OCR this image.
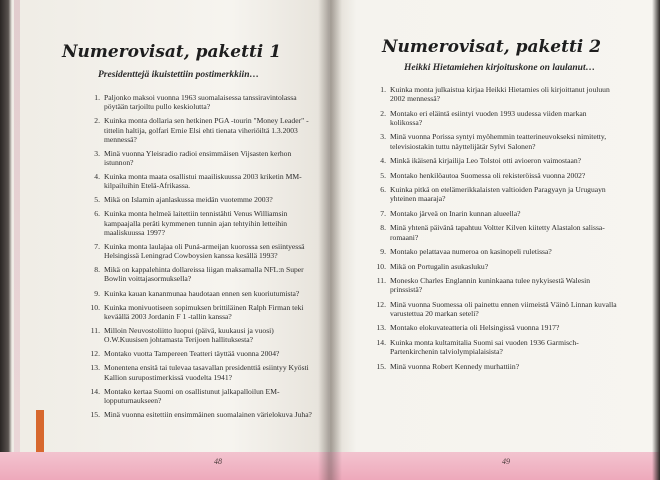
Numerovisat, paketti 1
Presidenttejä ikuistettiin postimerkkiin…
1. Paljonko maksoi vuonna 1963 suomalaisessa tanssiravintolassa pöytään tarjoiltu pullo keskiolutta?
2. Kuinka monta dollaria sen hetkinen PGA -tourin "Money Leader" -tittelin haltija, golfari Ernie Elsi ehti tienata viheriöiltä 1.3.2003 mennessä?
3. Minä vuonna Yleisradio radioi ensimmäisen Vijsasten kerhon istunnon?
4. Kuinka monta maata osallistui maailiskuussa 2003 kriketin MM-kilpailuihin Etelä-Afrikassa.
5. Mikä on Islamin ajanlaskussa meidän vuotemme 2003?
6. Kuinka monta helmeä laitettiin tennistähti Venus Williamsin kampaajalla peräti kymmenen tunnin ajan tehtyihin letteihin maaliskuussa 1997?
7. Kuinka monta laulajaa oli Puná-armeijan kuorossa sen esiintyessä Helsingissä Leningrad Cowboysien kanssa kesällä 1993?
8. Mikä on kappalehinta dollareissa liigan maksamalla NFL:n Super Bowlin voittajasormuksella?
9. Kuinka kauan kananmunaa haudotaan ennen sen kuoriutumista?
10. Kuinka monivuotiseen sopimuksen brittiläinen Ralph Firman teki keväällä 2003 Jordanin F 1 -tallin kanssa?
11. Milloin Neuvostoliitto luopui (päivä, kuukausi ja vuosi) O.W.Kuusisen johtamasta Terijoen hallituksesta?
12. Montako vuotta Tampereen Teatteri täyttää vuonna 2004?
13. Monentena ensitä tai tulevaa tasavallan presidenttiä esiintyy Kyösti Kallion surupostimerkissä vuodelta 1941?
14. Montako kertaa Suomi on osallistunut jalkapalloilun EM-lopputurnaukseen?
15. Minä vuonna esitettiin ensimmäinen suomalainen värielokuva Juha?
48
Numerovisat, paketti 2
Heikki Hietamiehen kirjoituskone on laulanut…
1. Kuinka monta julkaistua kirjaa Heikki Hietamies oli kirjoittanut jouluun 2002 mennessä?
2. Montako eri eläintä esiintyi vuoden 1993 uudessa viiden markan kolikossa?
3. Minä vuonna Porissa syntyi myöhemmin teatterineuvokseksi nimitetty, televisiostakin tuttu näyttelijätär Sylvi Salonen?
4. Minkä ikäisenä kirjailija Leo Tolstoi otti avioeron vaimostaan?
5. Montako henkilöautoa Suomessa oli rekisteröissä vuonna 2002?
6. Kuinka pitkä on etelämerikkalaisten valtioiden Paragyayn ja Uruguayn yhteinen maaraja?
7. Montako järveä on Inarin kunnan alueella?
8. Minä yhtenä päivänä tapahtuu Voltter Kilven kiitetty Alastalon salissa-romaani?
9. Montako pelattavaa numeroa on kasinopeli ruletissa?
10. Mikä on Portugalin asukasluku?
11. Monesko Charles Englannin kuninkaana tulee nykyisestä Walesin prinssistä?
12. Minä vuonna Suomessa oli painettu ennen viimeistä Väinö Linnan kuvalla varustettua 20 markan seteli?
13. Montako elokuvateatteria oli Helsingissä vuonna 1917?
14. Kuinka monta kultamitalia Suomi sai vuoden 1936 Garmisch-Partenkirchenin talviolympialaisista?
15. Minä vuonna Robert Kennedy murhattiin?
49
